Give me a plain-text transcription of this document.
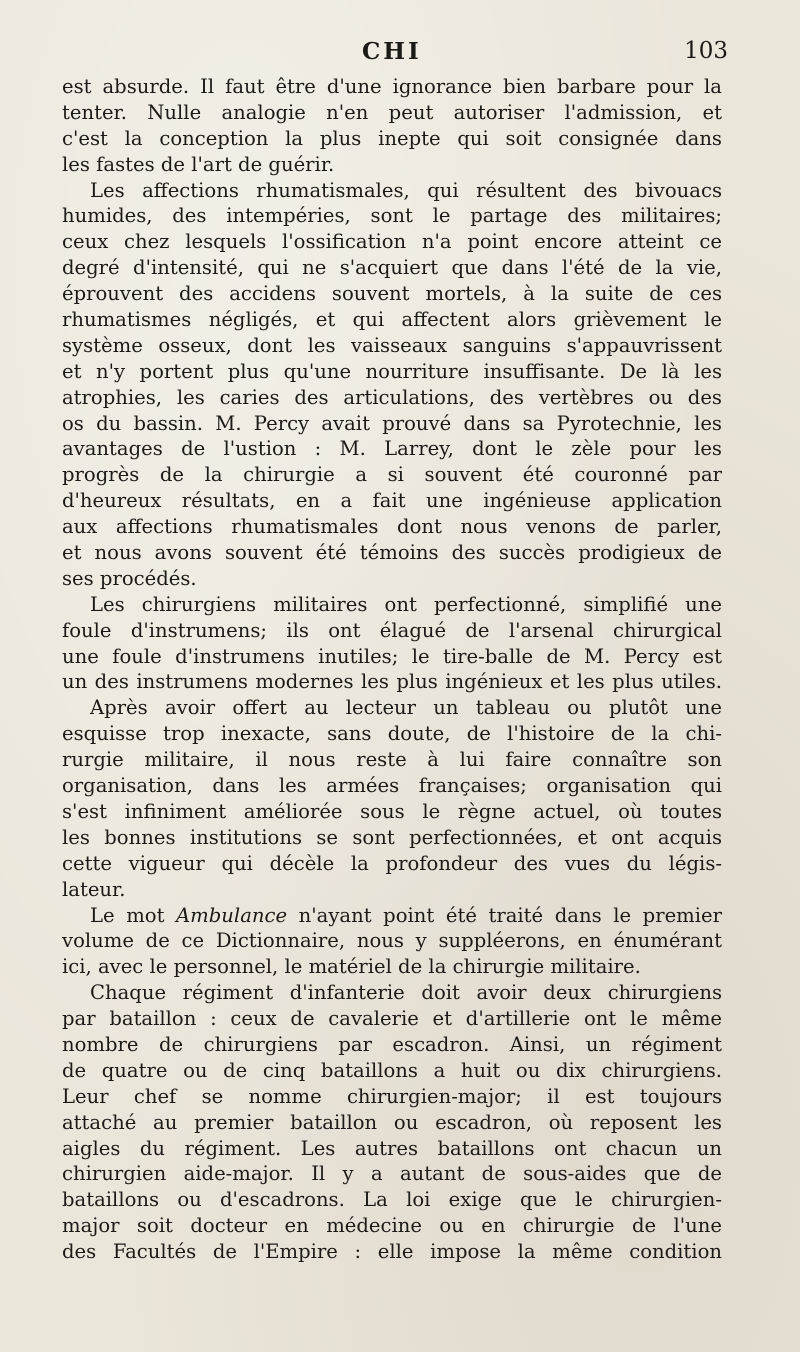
CHI	103
est absurde. Il faut être d'une ignorance bien barbare pour la
tenter. Nulle analogie n'en peut autoriser l'admission, et
c'est la conception la plus inepte qui soit consignée dans
les fastes de l'art de guérir.
Les affections rhumatismales, qui résultent des bivouacs
humides, des intempéries, sont le partage des militaires;
ceux chez lesquels l'ossification n'a point encore atteint ce
degré d'intensité, qui ne s'acquiert que dans l'été de la vie,
éprouvent des accidens souvent mortels, à la suite de ces
rhumatismes négligés, et qui affectent alors grièvement le
système osseux, dont les vaisseaux sanguins s'appauvrissent
et n'y portent plus qu'une nourriture insuffisante. De là les
atrophies, les caries des articulations, des vertèbres ou des
os du bassin. M. Percy avait prouvé dans sa Pyrotechnie, les
avantages de l'ustion : M. Larrey, dont le zèle pour les
progrès de la chirurgie a si souvent été couronné par
d'heureux résultats, en a fait une ingénieuse application
aux affections rhumatismales dont nous venons de parler,
et nous avons souvent été témoins des succès prodigieux de
ses procédés.
Les chirurgiens militaires ont perfectionné, simplifié une
foule d'instrumens; ils ont élagué de l'arsenal chirurgical
une foule d'instrumens inutiles; le tire-balle de M. Percy est
un des instrumens modernes les plus ingénieux et les plus utiles.
Après avoir offert au lecteur un tableau ou plutôt une
esquisse trop inexacte, sans doute, de l'histoire de la chi-
rurgie militaire, il nous reste à lui faire connaître son
organisation, dans les armées françaises; organisation qui
s'est infiniment améliorée sous le règne actuel, où toutes
les bonnes institutions se sont perfectionnées, et ont acquis
cette vigueur qui décèle la profondeur des vues du légis-
lateur.
Le mot Ambulance n'ayant point été traité dans le premier
volume de ce Dictionnaire, nous y suppléerons, en énumérant
ici, avec le personnel, le matériel de la chirurgie militaire.
Chaque régiment d'infanterie doit avoir deux chirurgiens
par bataillon : ceux de cavalerie et d'artillerie ont le même
nombre de chirurgiens par escadron. Ainsi, un régiment
de quatre ou de cinq bataillons a huit ou dix chirurgiens.
Leur chef se nomme chirurgien-major; il est toujours
attaché au premier bataillon ou escadron, où reposent les
aigles du régiment. Les autres bataillons ont chacun un
chirurgien aide-major. Il y a autant de sous-aides que de
bataillons ou d'escadrons. La loi exige que le chirurgien-
major soit docteur en médecine ou en chirurgie de l'une
des Facultés de l'Empire : elle impose la même condition
